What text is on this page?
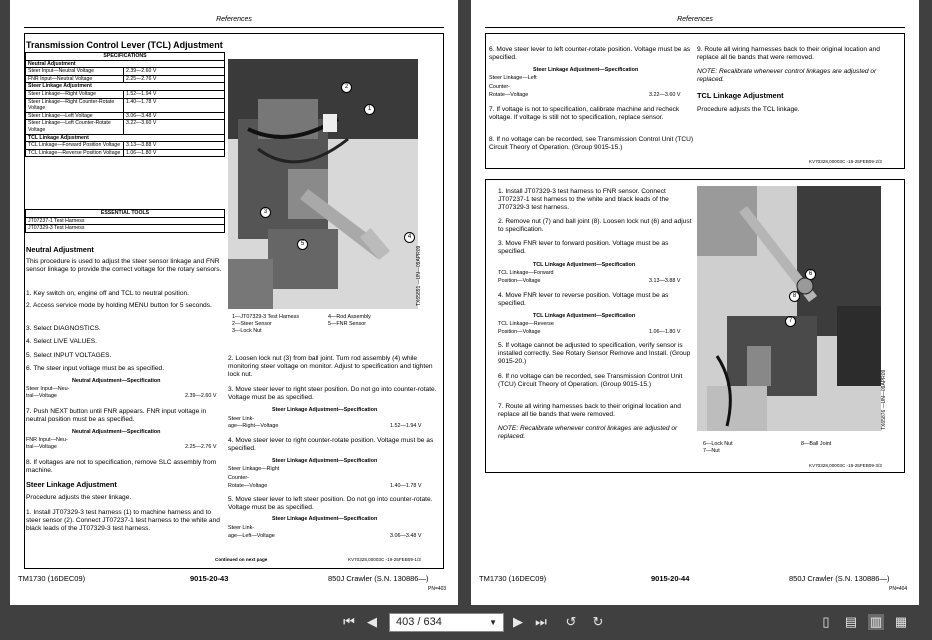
References
Transmission Control Lever (TCL) Adjustment
SPECIFICATIONS	
Neutral Adjustment	
Steer Input—Neutral Voltage	2.39—2.60 V
FNR Input—Neutral Voltage	2.25—2.76 V
Steer Linkage Adjustment	
Steer Linkage—Right Voltage	1.52—1.94 V
Steer Linkage—Right Counter-Rotate Voltage	1.40—1.78 V
Steer Linkage—Left Voltage	3.06—3.48 V
Steer Linkage—Left Counter-Rotate Voltage	3.22—3.60 V
TCL Linkage Adjustment	
TCL Linkage—Forward Position Voltage	3.13—3.88 V
TCL Linkage—Reverse Position Voltage	1.06—1.80 V
ESSENTIAL TOOLS
JT07237-1 Test Harness
JT07329-3 Test Harness
Neutral Adjustment
This procedure is used to adjust the steer sensor linkage and FNR sensor linkage to provide the correct voltage for the rotary sensors.
1. Key switch on, engine off and TCL to neutral position.
2. Access service mode by holding MENU button for 5 seconds.
3. Select DIAGNOSTICS.
4. Select LIVE VALUES.
5. Select INPUT VOLTAGES.
6. The steer input voltage must be as specified.
Neutral Adjustment—Specification
Steer Input—Neu-
tral—Voltage	2.39—2.60 V
7. Push NEXT button until FNR appears. FNR input voltage in neutral position must be as specified.
Neutral Adjustment—Specification
FNR Input—Neu-
tral—Voltage	2.25—2.76 V
8. If voltages are not to specification, remove SLC assembly from machine.
Steer Linkage Adjustment
Procedure adjusts the steer linkage.
1. Install JT07329-3 test harness (1) to machine harness and to steer sensor (2). Connect JT07237-1 test harness to the white and black leads of the JT07329-3 test harness.
2
1
3
4
5
TX65891 —UN—09APR09
1—JT07329-3 Test Harness
2—Steer Sensor
3—Lock Nut
4—Rod Assembly
5—FNR Sensor
2. Loosen lock nut (3) from ball joint. Turn rod assembly (4) while monitoring steer voltage on monitor. Adjust to specification and tighten lock nut.
3. Move steer lever to right steer position. Do not go into counter-rotate. Voltage must be as specified.
Steer Linkage Adjustment—Specification
Steer Link-
age—Right—Voltage	1.52—1.94 V
4. Move steer lever to right counter-rotate position. Voltage must be as specified.
Steer Linkage Adjustment—Specification
Steer Linkage—Right
Counter-
Rotate—Voltage	1.40—1.78 V
5. Move steer lever to left steer position. Do not go into counter-rotate. Voltage must be as specified.
Steer Linkage Adjustment—Specification
Steer Link-
age—Left—Voltage	3.06—3.48 V
Continued on next page	KV70328,00003C -19-25FEB09-1/3
TM1730 (16DEC09)	9015-20-43	850J Crawler (S.N. 130886—)
PN=403
References
6. Move steer lever to left counter-rotate position. Voltage must be as specified.
Steer Linkage Adjustment—Specification
Steer Linkage—Left
Counter-
Rotate—Voltage	3.22—3.60 V
7. If voltage is not to specification, calibrate machine and recheck voltage. If voltage is still not to specification, replace sensor.
8. If no voltage can be recorded, see Transmission Control Unit (TCU) Circuit Theory of Operation. (Group 9015-15.)
9. Route all wiring harnesses back to their original location and replace all tie bands that were removed.
NOTE: Recalibrate whenever control linkages are adjusted or replaced.
TCL Linkage Adjustment
Procedure adjusts the TCL linkage.
KV70328,00003C -19-25FEB09-2/3
1. Install JT07329-3 test harness to FNR sensor. Connect JT07237-1 test harness to the white and black leads of the JT07329-3 test harness.
2. Remove nut (7) and ball joint (8). Loosen lock nut (6) and adjust to specification.
3. Move FNR lever to forward position. Voltage must be as specified.
TCL Linkage Adjustment—Specification
TCL Linkage—Forward
Position—Voltage	3.13—3.88 V
4. Move FNR lever to reverse position. Voltage must be as specified.
TCL Linkage Adjustment—Specification
TCL Linkage—Reverse
Position—Voltage	1.06—1.80 V
5. If voltage cannot be adjusted to specification, verify sensor is installed correctly. See Rotary Sensor Remove and Install. (Group 9015-20.)
6. If no voltage can be recorded, see Transmission Control Unit (TCU) Circuit Theory of Operation. (Group 9015-15.)
7. Route all wiring harnesses back to their original location and replace all tie bands that were removed.
NOTE: Recalibrate whenever control linkages are adjusted or replaced.
6
8
7
TX65876 —UN—09APR09
6—Lock Nut
7—Nut
8—Ball Joint
KV70328,00003C -19-25FEB09-3/3
TM1730 (16DEC09)	9015-20-44	850J Crawler (S.N. 130886—)
PN=404
⏮ ◀	403 / 634	▼ ▶ ⏭ ↺ ↻	▯	▤ ▥ ▦
